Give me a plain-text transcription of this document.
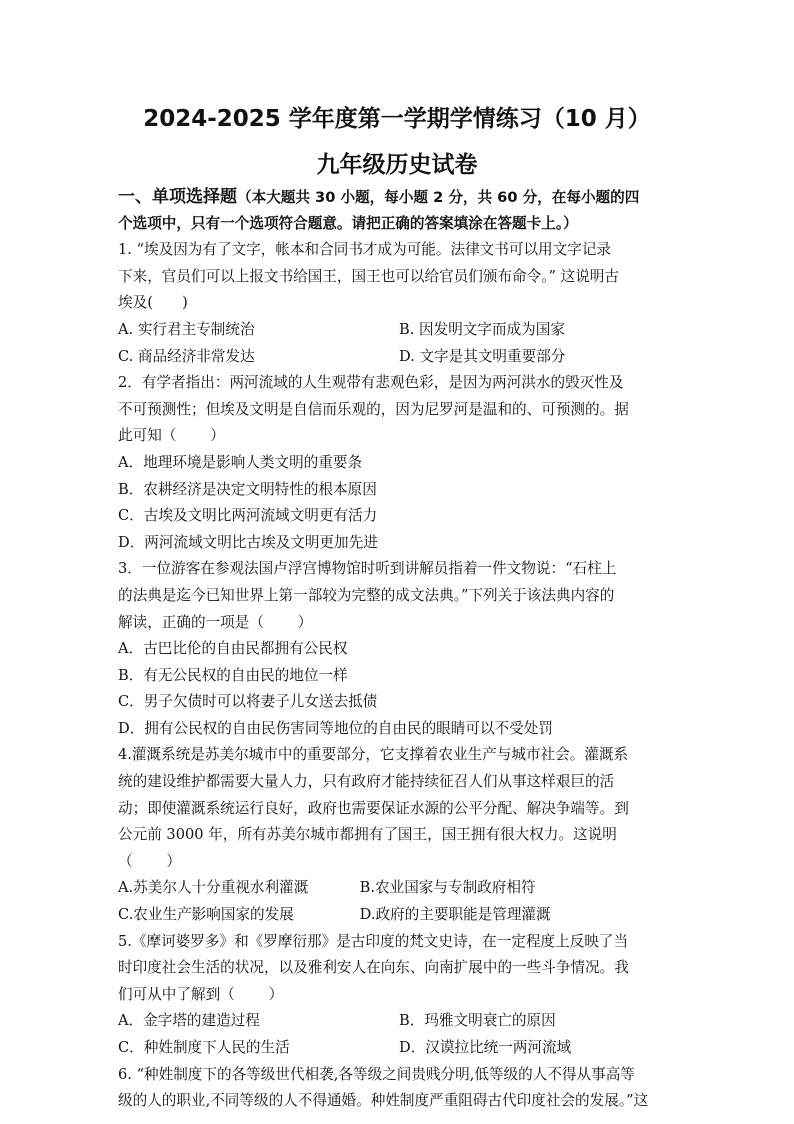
2024-2025 学年度第一学期学情练习（10 月）
九年级历史试卷
一、单项选择题（本大题共 30 小题，每小题 2 分，共 60 分，在每小题的四
个选项中，只有一个选项符合题意。请把正确的答案填涂在答题卡上。）
1. “埃及因为有了文字，帐本和合同书才成为可能。法律文书可以用文字记录
下来，官员们可以上报文书给国王，国王也可以给官员们颁布命令。” 这说明古
埃及(　　)
A. 实行君主专制统治	B. 因发明文字而成为国家
C. 商品经济非常发达	D. 文字是其文明重要部分
2．有学者指出：两河流域的人生观带有悲观色彩，是因为两河洪水的毁灭性及
不可预测性；但埃及文明是自信而乐观的，因为尼罗河是温和的、可预测的。据
此可知（　　 ）
A．地理环境是影响人类文明的重要条
B．农耕经济是决定文明特性的根本原因
C．古埃及文明比两河流域文明更有活力
D．两河流域文明比古埃及文明更加先进
3．一位游客在参观法国卢浮宫博物馆时听到讲解员指着一件文物说：“石柱上
的法典是迄今已知世界上第一部较为完整的成文法典。”下列关于该法典内容的
解读，正确的一项是（　　 ）
A．古巴比伦的自由民都拥有公民权
B．有无公民权的自由民的地位一样
C．男子欠债时可以将妻子儿女送去抵债
D．拥有公民权的自由民伤害同等地位的自由民的眼睛可以不受处罚
4.灌溉系统是苏美尔城市中的重要部分，它支撑着农业生产与城市社会。灌溉系
统的建设维护都需要大量人力，只有政府才能持续征召人们从事这样艰巨的活
动；即使灌溉系统运行良好，政府也需要保证水源的公平分配、解决争端等。到
公元前 3000 年，所有苏美尔城市都拥有了国王，国王拥有很大权力。这说明
（　　 ）
A.苏美尔人十分重视水利灌溉	B.农业国家与专制政府相符
C.农业生产影响国家的发展	D.政府的主要职能是管理灌溉
5.《摩诃婆罗多》和《罗摩衍那》是古印度的梵文史诗，在一定程度上反映了当
时印度社会生活的状况，以及雅利安人在向东、向南扩展中的一些斗争情况。我
们可从中了解到（　　 ）
A．金字塔的建造过程	B．玛雅文明衰亡的原因
C．种姓制度下人民的生活	D．汉谟拉比统一两河流域
6. “种姓制度下的各等级世代相袭,各等级之间贵贱分明,低等级的人不得从事高等
级的人的职业,不同等级的人不得通婚。种姓制度严重阻碍古代印度社会的发展。”这
